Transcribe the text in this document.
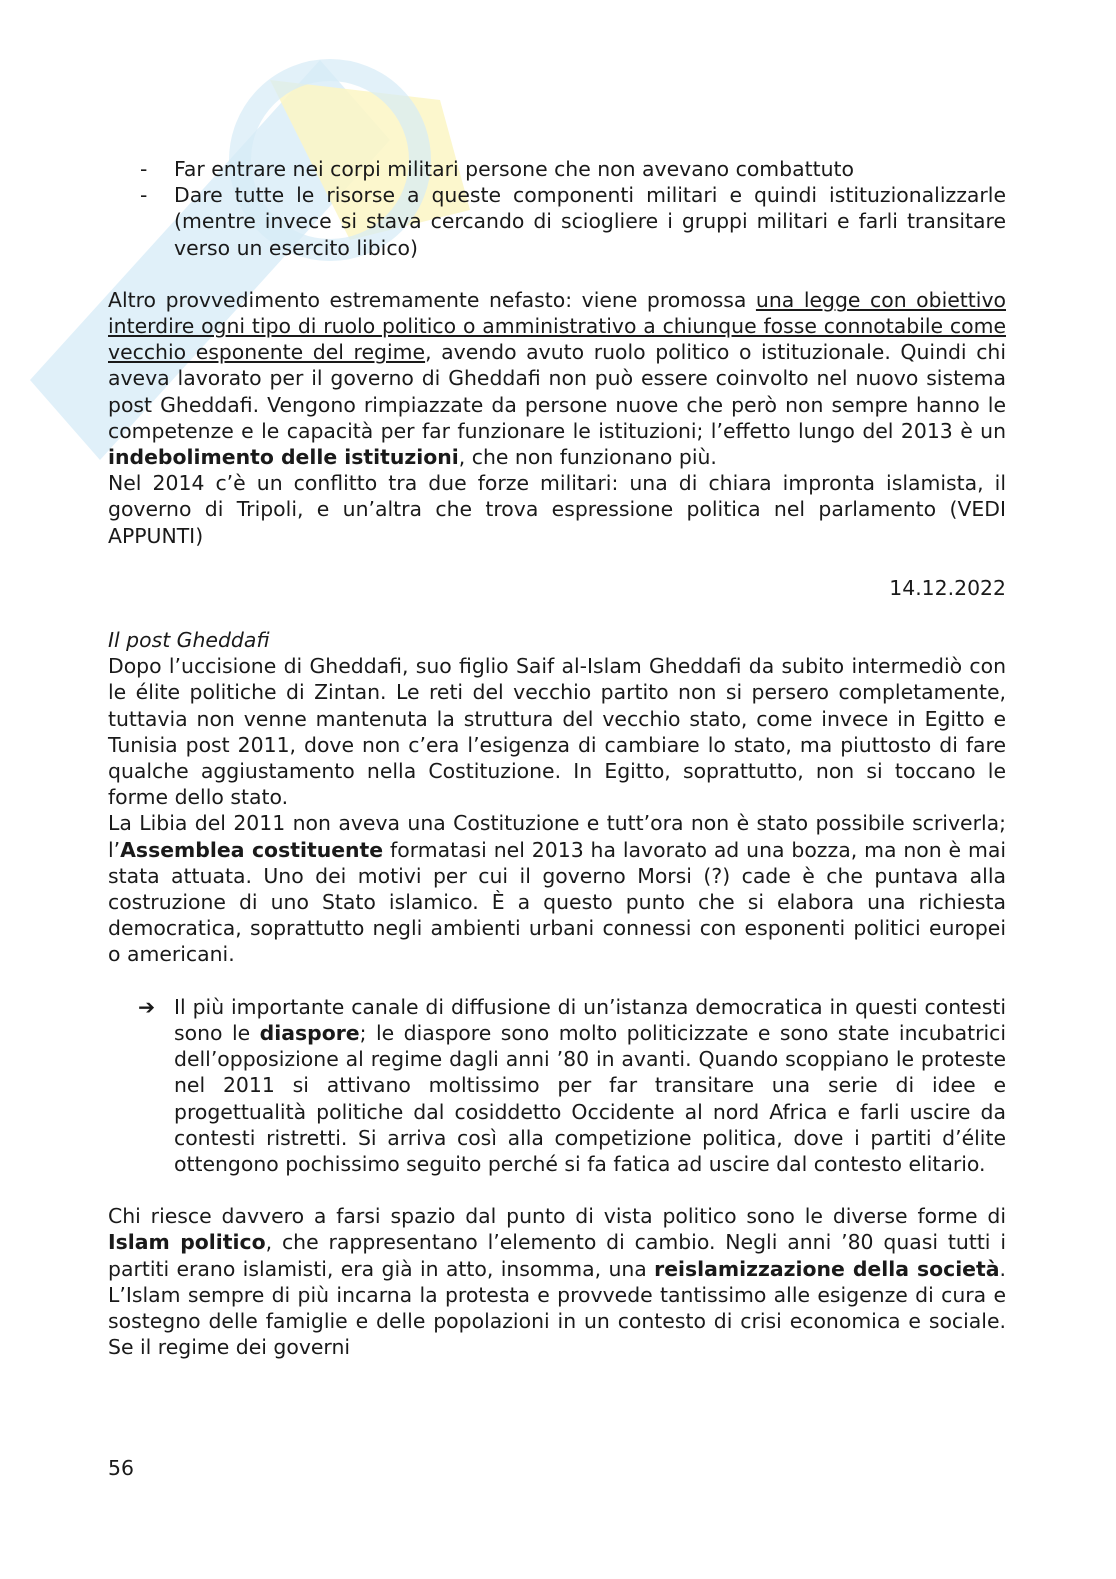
- Far entrare nei corpi militari persone che non avevano combattuto
- Dare tutte le risorse a queste componenti militari e quindi istituzionalizzarle (mentre invece si stava cercando di sciogliere i gruppi militari e farli transitare verso un esercito libico)

Altro provvedimento estremamente nefasto: viene promossa una legge con obiettivo interdire ogni tipo di ruolo politico o amministrativo a chiunque fosse connotabile come vecchio esponente del regime, avendo avuto ruolo politico o istituzionale. Quindi chi aveva lavorato per il governo di Gheddafi non può essere coinvolto nel nuovo sistema post Gheddafi. Vengono rimpiazzate da persone nuove che però non sempre hanno le competenze e le capacità per far funzionare le istituzioni; l’effetto lungo del 2013 è un indebolimento delle istituzioni, che non funzionano più.

Nel 2014 c’è un conflitto tra due forze militari: una di chiara impronta islamista, il governo di Tripoli, e un’altra che trova espressione politica nel parlamento (VEDI APPUNTI)

14.12.2022

Il post Gheddafi

Dopo l’uccisione di Gheddafi, suo figlio Saif al-Islam Gheddafi da subito intermediò con le élite politiche di Zintan. Le reti del vecchio partito non si persero completamente, tuttavia non venne mantenuta la struttura del vecchio stato, come invece in Egitto e Tunisia post 2011, dove non c’era l’esigenza di cambiare lo stato, ma piuttosto di fare qualche aggiustamento nella Costituzione. In Egitto, soprattutto, non si toccano le forme dello stato.

La Libia del 2011 non aveva una Costituzione e tutt’ora non è stato possibile scriverla; l’Assemblea costituente formatasi nel 2013 ha lavorato ad una bozza, ma non è mai stata attuata. Uno dei motivi per cui il governo Morsi (?) cade è che puntava alla costruzione di uno Stato islamico. È a questo punto che si elabora una richiesta democratica, soprattutto negli ambienti urbani connessi con esponenti politici europei o americani.

➔ Il più importante canale di diffusione di un’istanza democratica in questi contesti sono le diaspore; le diaspore sono molto politicizzate e sono state incubatrici dell’opposizione al regime dagli anni ’80 in avanti. Quando scoppiano le proteste nel 2011 si attivano moltissimo per far transitare una serie di idee e progettualità politiche dal cosiddetto Occidente al nord Africa e farli uscire da contesti ristretti. Si arriva così alla competizione politica, dove i partiti d’élite ottengono pochissimo seguito perché si fa fatica ad uscire dal contesto elitario.

Chi riesce davvero a farsi spazio dal punto di vista politico sono le diverse forme di Islam politico, che rappresentano l’elemento di cambio. Negli anni ’80 quasi tutti i partiti erano islamisti, era già in atto, insomma, una reislamizzazione della società. L’Islam sempre di più incarna la protesta e provvede tantissimo alle esigenze di cura e sostegno delle famiglie e delle popolazioni in un contesto di crisi economica e sociale. Se il regime dei governi

56
